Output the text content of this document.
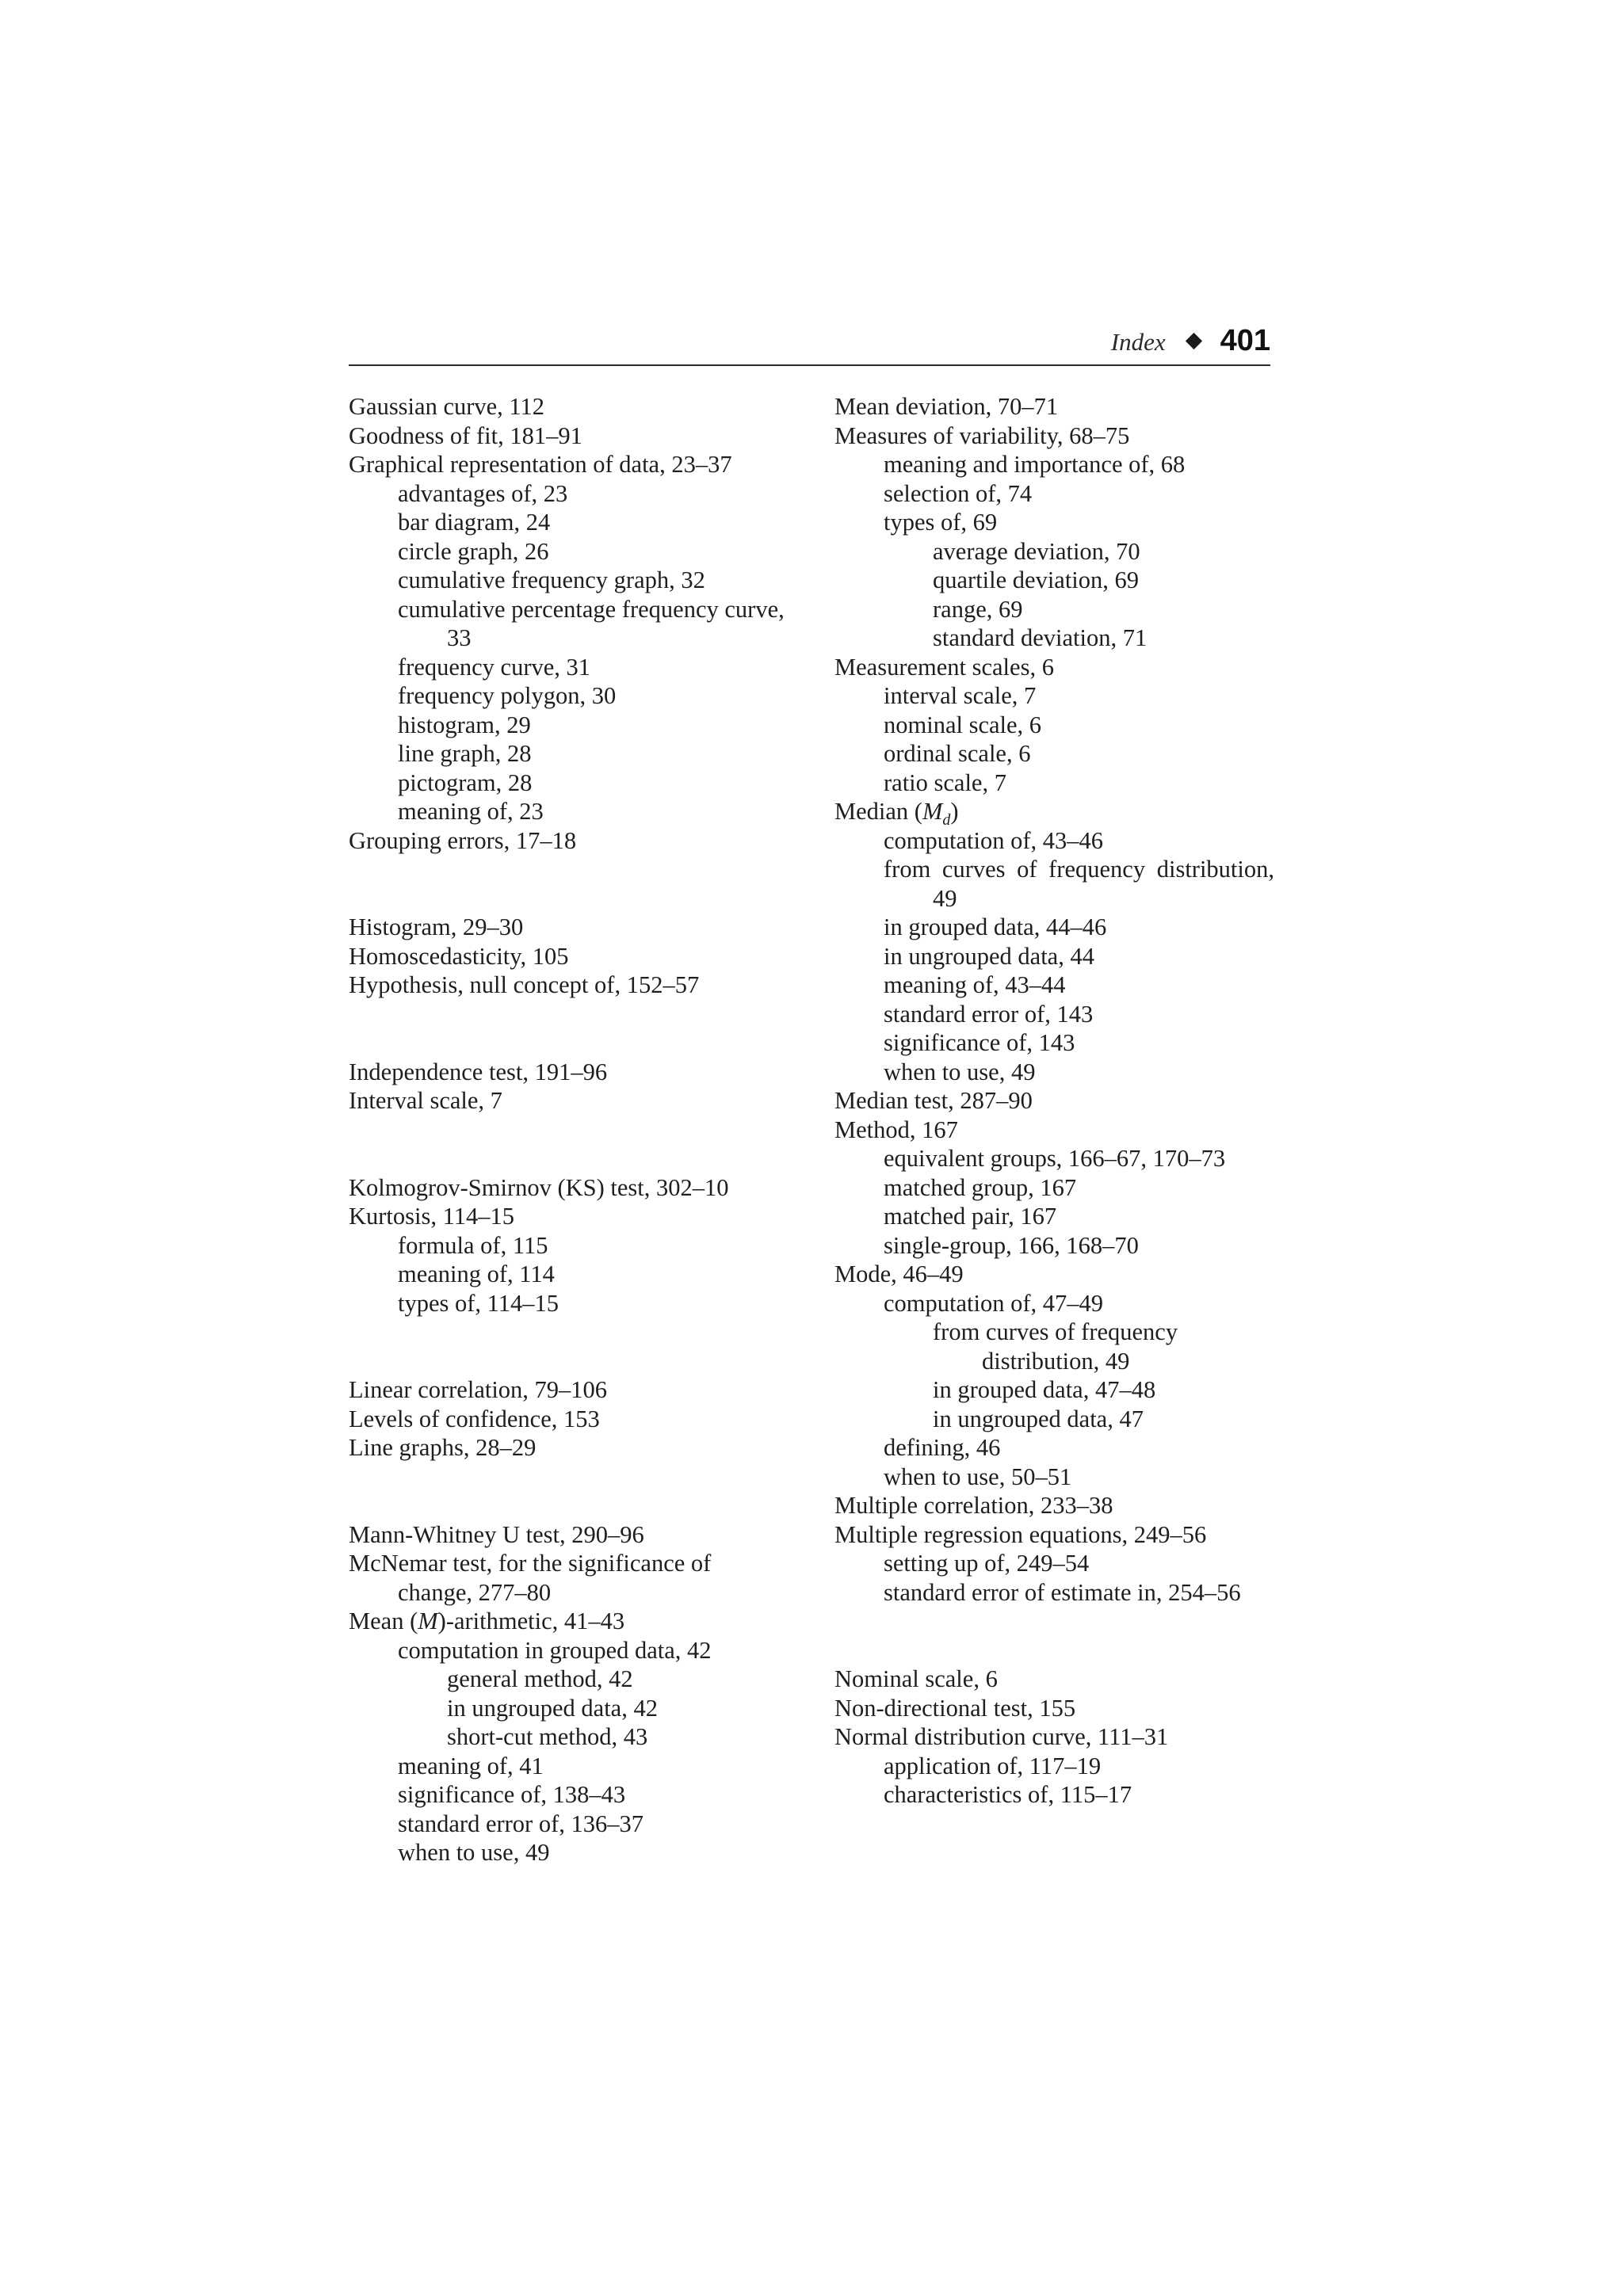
Index 401

Gaussian curve, 112

Goodness of fit, 181–91

Graphical representation of data, 23–37

advantages of, 23

bar diagram, 24

circle graph, 26

cumulative frequency graph, 32

cumulative percentage frequency curve, 33

frequency curve, 31

frequency polygon, 30

histogram, 29

line graph, 28

pictogram, 28

meaning of, 23

Grouping errors, 17–18

Histogram, 29–30

Homoscedasticity, 105

Hypothesis, null concept of, 152–57

Independence test, 191–96

Interval scale, 7

Kolmogrov-Smirnov (KS) test, 302–10

Kurtosis, 114–15

formula of, 115

meaning of, 114

types of, 114–15

Linear correlation, 79–106

Levels of confidence, 153

Line graphs, 28–29

Mann-Whitney U test, 290–96

McNemar test, for the significance of change, 277–80

Mean (M)-arithmetic, 41–43

computation in grouped data, 42

general method, 42

in ungrouped data, 42

short-cut method, 43

meaning of, 41

significance of, 138–43

standard error of, 136–37

when to use, 49

Mean deviation, 70–71

Measures of variability, 68–75

meaning and importance of, 68

selection of, 74

types of, 69

average deviation, 70

quartile deviation, 69

range, 69

standard deviation, 71

Measurement scales, 6

interval scale, 7

nominal scale, 6

ordinal scale, 6

ratio scale, 7

Median $(M_d)$

computation of, 43–46

from curves of frequency distribution, 49

in grouped data, 44–46

in ungrouped data, 44

meaning of, 43–44

standard error of, 143

significance of, 143

when to use, 49

Median test, 287–90

Method, 167

equivalent groups, 166–67, 170–73

matched group, 167

matched pair, 167

single-group, 166, 168–70

Mode, 46–49

computation of, 47–49

from curves of frequency distribution, 49

in grouped data, 47–48

in ungrouped data, 47

defining, 46

when to use, 50–51

Multiple correlation, 233–38

Multiple regression equations, 249–56

setting up of, 249–54

standard error of estimate in, 254–56

Nominal scale, 6

Non-directional test, 155

Normal distribution curve, 111–31

application of, 117–19

characteristics of, 115–17
